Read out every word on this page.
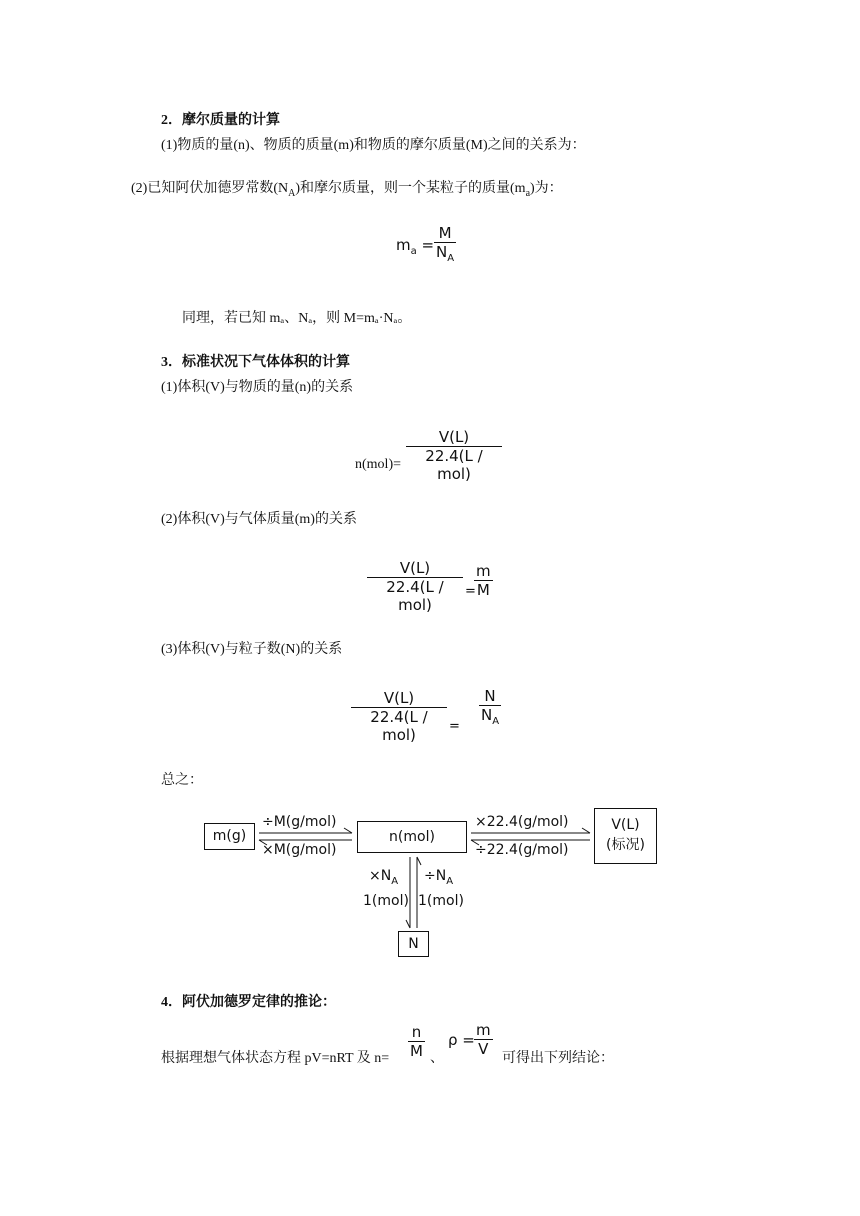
2．摩尔质量的计算
(1)物质的量(n)、物质的质量(m)和物质的摩尔质量(M)之间的关系为：
(2)已知阿伏加德罗常数$(N_A)$和摩尔质量，则一个某粒子的质量$(m_a)$为：
$m_a$ =
M
$N_A$
同理，若已知 mₐ、Nₐ，则 M=mₐ·Nₐ。
3．标准状况下气体体积的计算
(1)体积(V)与物质的量(n)的关系
n(mol)=
V(L)
22.4(L / mol)
(2)体积(V)与气体质量(m)的关系
V(L)
22.4(L / mol)
=
m
M
(3)体积(V)与粒子数(N)的关系
V(L)
22.4(L / mol)	=
N
$N_A$
总之：
m(g)	n(mol)
V(L)
(标况)
N
÷M(g/mol)
×M(g/mol)
×22.4(g/mol)
÷22.4(g/mol)
$\times N_A$
1(mol)
$\div N_A$
1(mol)
4．阿伏加德罗定律的推论：
根据理想气体状态方程 pV=nRT 及 n=
n
M 、
ρ =
m
V
可得出下列结论：
